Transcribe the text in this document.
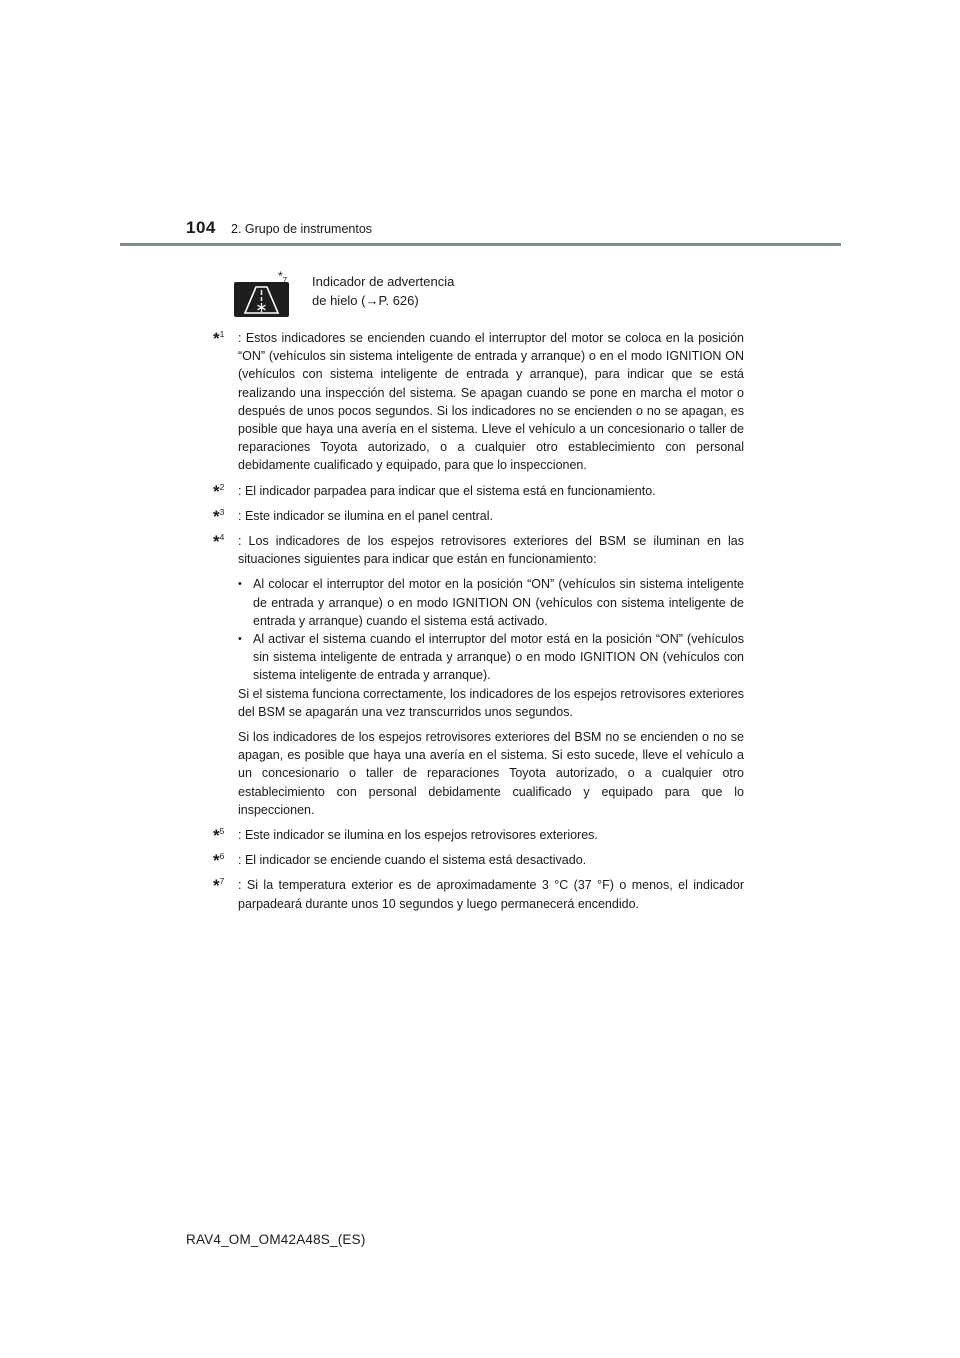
104 2. Grupo de instrumentos
$*_7$ Indicador de advertencia
de hielo (→P. 626)
*$^1$ : Estos indicadores se encienden cuando el interruptor del motor se coloca en la posición “ON” (vehículos sin sistema inteligente de entrada y arranque) o en el modo IGNITION ON (vehículos con sistema inteligente de entrada y arranque), para indicar que se está realizando una inspección del sistema. Se apagan cuando se pone en marcha el motor o después de unos pocos segundos. Si los indicadores no se encienden o no se apagan, es posible que haya una avería en el sistema. Lleve el vehículo a un concesionario o taller de reparaciones Toyota autorizado, o a cualquier otro establecimiento con personal debidamente cualificado y equipado, para que lo inspeccionen.

*$^2$ : El indicador parpadea para indicar que el sistema está en funcionamiento.

*$^3$ : Este indicador se ilumina en el panel central.

*$^4$ : Los indicadores de los espejos retrovisores exteriores del BSM se iluminan en las situaciones siguientes para indicar que están en funcionamiento:

• Al colocar el interruptor del motor en la posición “ON” (vehículos sin sistema inteligente de entrada y arranque) o en modo IGNITION ON (vehículos con sistema inteligente de entrada y arranque) cuando el sistema está activado.
• Al activar el sistema cuando el interruptor del motor está en la posición “ON” (vehículos sin sistema inteligente de entrada y arranque) o en modo IGNITION ON (vehículos con sistema inteligente de entrada y arranque).

Si el sistema funciona correctamente, los indicadores de los espejos retrovisores exteriores del BSM se apagarán una vez transcurridos unos segundos.

Si los indicadores de los espejos retrovisores exteriores del BSM no se encienden o no se apagan, es posible que haya una avería en el sistema. Si esto sucede, lleve el vehículo a un concesionario o taller de reparaciones Toyota autorizado, o a cualquier otro establecimiento con personal debidamente cualificado y equipado para que lo inspeccionen.

*$^5$ : Este indicador se ilumina en los espejos retrovisores exteriores.

*$^6$ : El indicador se enciende cuando el sistema está desactivado.

*$^7$ : Si la temperatura exterior es de aproximadamente 3 °C (37 °F) o menos, el indicador parpadeará durante unos 10 segundos y luego permanecerá encendido.

RAV4_OM_OM42A48S_(ES)
